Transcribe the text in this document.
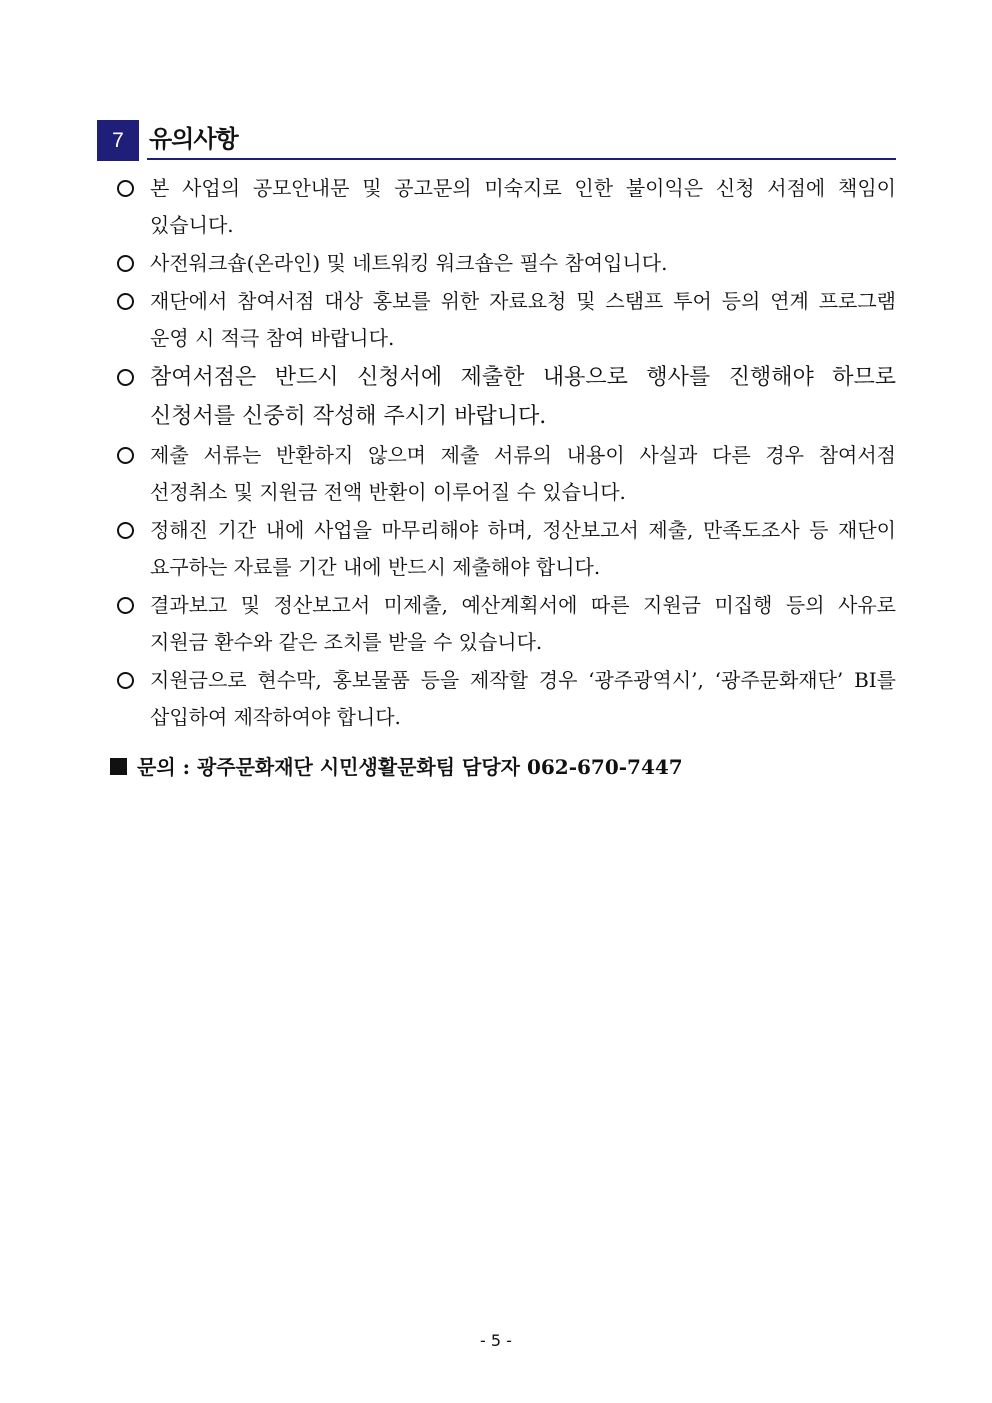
7	유의사항
본 사업의 공모안내문 및 공고문의 미숙지로 인한 불이익은 신청 서점에 책임이 있습니다.
사전워크숍(온라인) 및 네트워킹 워크숍은 필수 참여입니다.
재단에서 참여서점 대상 홍보를 위한 자료요청 및 스탬프 투어 등의 연계 프로그램 운영 시 적극 참여 바랍니다.
참여서점은 반드시 신청서에 제출한 내용으로 행사를 진행해야 하므로 신청서를 신중히 작성해 주시기 바랍니다.
제출 서류는 반환하지 않으며 제출 서류의 내용이 사실과 다른 경우 참여서점 선정취소 및 지원금 전액 반환이 이루어질 수 있습니다.
정해진 기간 내에 사업을 마무리해야 하며, 정산보고서 제출, 만족도조사 등 재단이 요구하는 자료를 기간 내에 반드시 제출해야 합니다.
결과보고 및 정산보고서 미제출, 예산계획서에 따른 지원금 미집행 등의 사유로 지원금 환수와 같은 조치를 받을 수 있습니다.
지원금으로 현수막, 홍보물품 등을 제작할 경우 ‘광주광역시’, ‘광주문화재단’ BI를 삽입하여 제작하여야 합니다.
문의 : 광주문화재단 시민생활문화팀 담당자 062-670-7447
- 5 -
